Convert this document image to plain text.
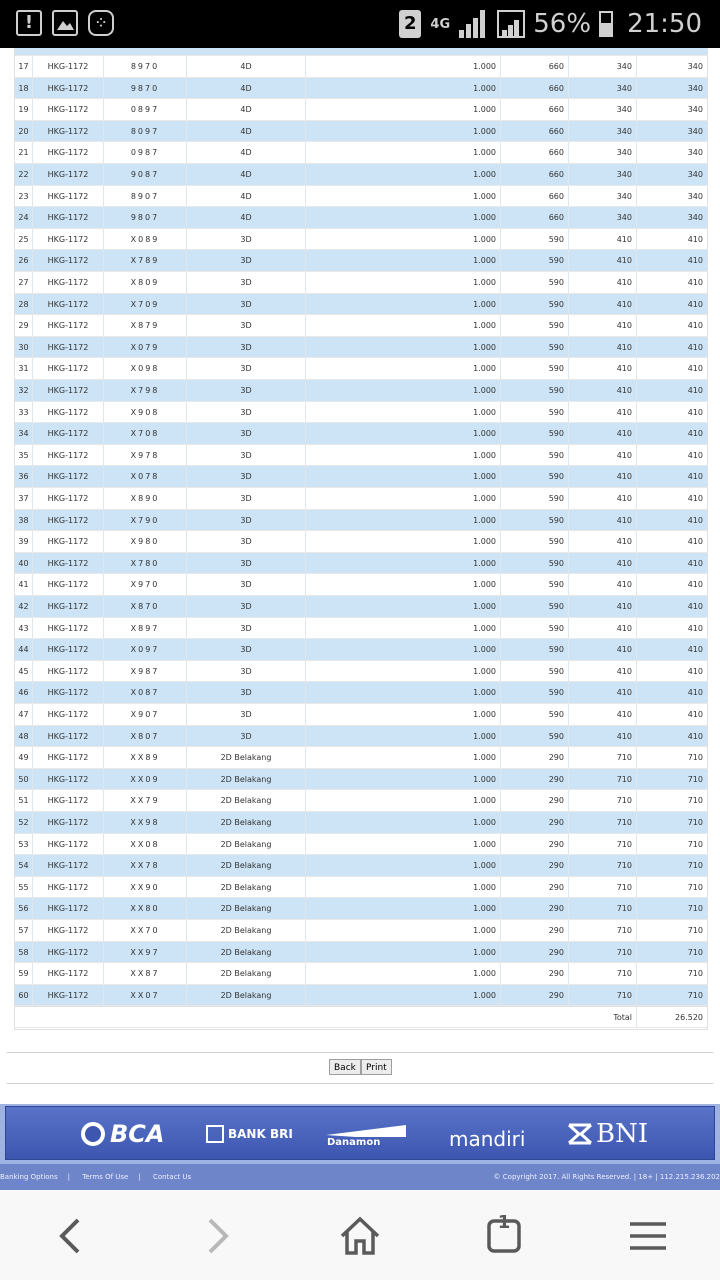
!	⁘	2	4G	56% 21:50
17	HKG-1172	8970	4D	1.000	660	340	340
18	HKG-1172	9870	4D	1.000	660	340	340
19	HKG-1172	0897	4D	1.000	660	340	340
20	HKG-1172	8097	4D	1.000	660	340	340
21	HKG-1172	0987	4D	1.000	660	340	340
22	HKG-1172	9087	4D	1.000	660	340	340
23	HKG-1172	8907	4D	1.000	660	340	340
24	HKG-1172	9807	4D	1.000	660	340	340
25	HKG-1172	X089	3D	1.000	590	410	410
26	HKG-1172	X789	3D	1.000	590	410	410
27	HKG-1172	X809	3D	1.000	590	410	410
28	HKG-1172	X709	3D	1.000	590	410	410
29	HKG-1172	X879	3D	1.000	590	410	410
30	HKG-1172	X079	3D	1.000	590	410	410
31	HKG-1172	X098	3D	1.000	590	410	410
32	HKG-1172	X798	3D	1.000	590	410	410
33	HKG-1172	X908	3D	1.000	590	410	410
34	HKG-1172	X708	3D	1.000	590	410	410
35	HKG-1172	X978	3D	1.000	590	410	410
36	HKG-1172	X078	3D	1.000	590	410	410
37	HKG-1172	X890	3D	1.000	590	410	410
38	HKG-1172	X790	3D	1.000	590	410	410
39	HKG-1172	X980	3D	1.000	590	410	410
40	HKG-1172	X780	3D	1.000	590	410	410
41	HKG-1172	X970	3D	1.000	590	410	410
42	HKG-1172	X870	3D	1.000	590	410	410
43	HKG-1172	X897	3D	1.000	590	410	410
44	HKG-1172	X097	3D	1.000	590	410	410
45	HKG-1172	X987	3D	1.000	590	410	410
46	HKG-1172	X087	3D	1.000	590	410	410
47	HKG-1172	X907	3D	1.000	590	410	410
48	HKG-1172	X807	3D	1.000	590	410	410
49	HKG-1172	XX89	2D Belakang	1.000	290	710	710
50	HKG-1172	XX09	2D Belakang	1.000	290	710	710
51	HKG-1172	XX79	2D Belakang	1.000	290	710	710
52	HKG-1172	XX98	2D Belakang	1.000	290	710	710
53	HKG-1172	XX08	2D Belakang	1.000	290	710	710
54	HKG-1172	XX78	2D Belakang	1.000	290	710	710
55	HKG-1172	XX90	2D Belakang	1.000	290	710	710
56	HKG-1172	XX80	2D Belakang	1.000	290	710	710
57	HKG-1172	XX70	2D Belakang	1.000	290	710	710
58	HKG-1172	XX97	2D Belakang	1.000	290	710	710
59	HKG-1172	XX87	2D Belakang	1.000	290	710	710
60	HKG-1172	XX07	2D Belakang	1.000	290	710	710
Total	26.520
Back	Print
BCA	BANK BRI
Danamon	mandiri	BNI
Banking Options | Terms Of Use | Contact Us	© Copyright 2017. All Rights Reserved. | 18+ | 112.215.236.202
1
